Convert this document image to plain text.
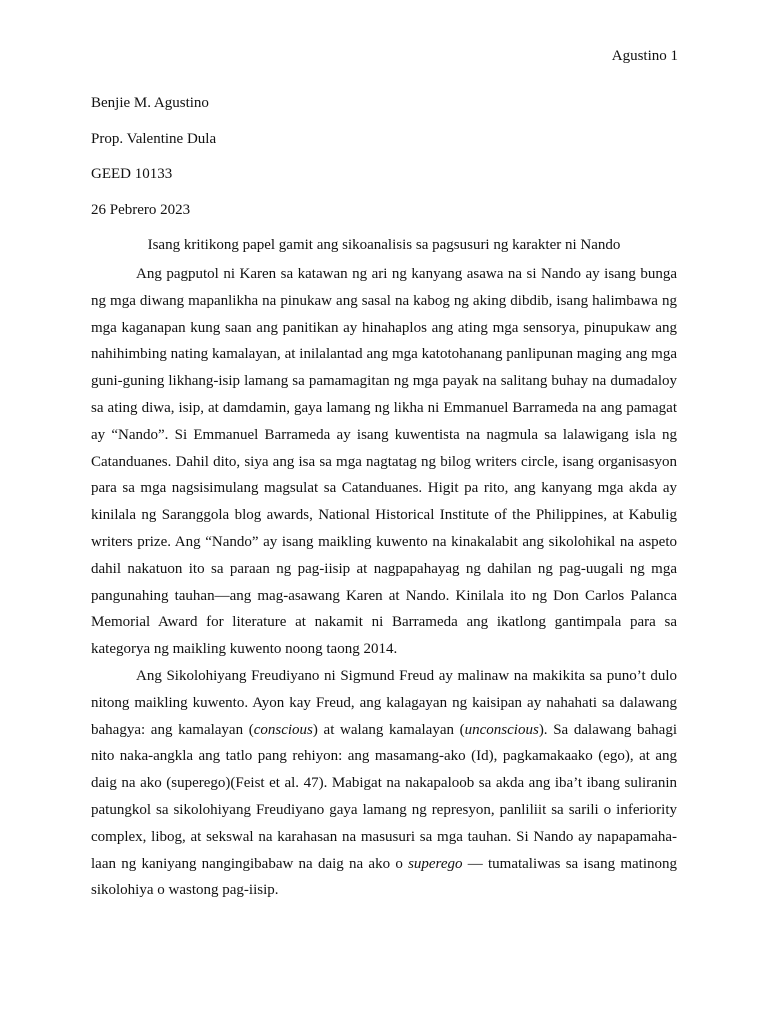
Agustino 1
Benjie M. Agustino
Prop. Valentine Dula
GEED 10133
26 Pebrero 2023
Isang kritikong papel gamit ang sikoanalisis sa pagsusuri ng karakter ni Nando
Ang pagputol ni Karen sa katawan ng ari ng kanyang asawa na si Nando ay isang bunga
ng mga diwang mapanlikha na pinukaw ang sasal na kabog ng aking dibdib, isang halimbawa ng
mga kaganapan kung saan ang panitikan ay hinahaplos ang ating mga sensorya, pinupukaw ang
nahihimbing nating kamalayan, at inilalantad ang mga katotohanang panlipunan maging ang mga
guni-guning likhang-isip lamang sa pamamagitan ng mga payak na salitang buhay na dumadaloy
sa ating diwa, isip, at damdamin, gaya lamang ng likha ni Emmanuel Barrameda na ang pamagat
ay “Nando”. Si Emmanuel Barrameda ay isang kuwentista na nagmula sa lalawigang isla ng
Catanduanes. Dahil dito, siya ang isa sa mga nagtatag ng bilog writers circle, isang organisasyon
para sa mga nagsisimulang magsulat sa Catanduanes. Higit pa rito, ang kanyang mga akda ay
kinilala ng Saranggola blog awards, National Historical Institute of the Philippines, at Kabulig
writers prize. Ang “Nando” ay isang maikling kuwento na kinakalabit ang sikolohikal na aspeto
dahil nakatuon ito sa paraan ng pag-iisip at nagpapahayag ng dahilan ng pag-uugali ng mga
pangunahing tauhan—ang mag-asawang Karen at Nando. Kinilala ito ng Don Carlos Palanca
Memorial Award for literature at nakamit ni Barrameda ang ikatlong gantimpala para sa
kategorya ng maikling kuwento noong taong 2014.
Ang Sikolohiyang Freudiyano ni Sigmund Freud ay malinaw na makikita sa puno’t dulo
nitong maikling kuwento. Ayon kay Freud, ang kalagayan ng kaisipan ay nahahati sa dalawang
bahagya: ang kamalayan (conscious) at walang kamalayan (unconscious). Sa dalawang bahagi
nito naka-angkla ang tatlo pang rehiyon: ang masamang-ako (Id), pagkamakaako (ego), at ang
daig na ako (superego)(Feist et al. 47). Mabigat na nakapaloob sa akda ang iba’t ibang suliranin
patungkol sa sikolohiyang Freudiyano gaya lamang ng represyon, panliliit sa sarili o inferiority
complex, libog, at sekswal na karahasan na masusuri sa mga tauhan. Si Nando ay napapamaha-
laan ng kaniyang nangingibabaw na daig na ako o superego — tumataliwas sa isang matinong
sikolohiya o wastong pag-iisip.
